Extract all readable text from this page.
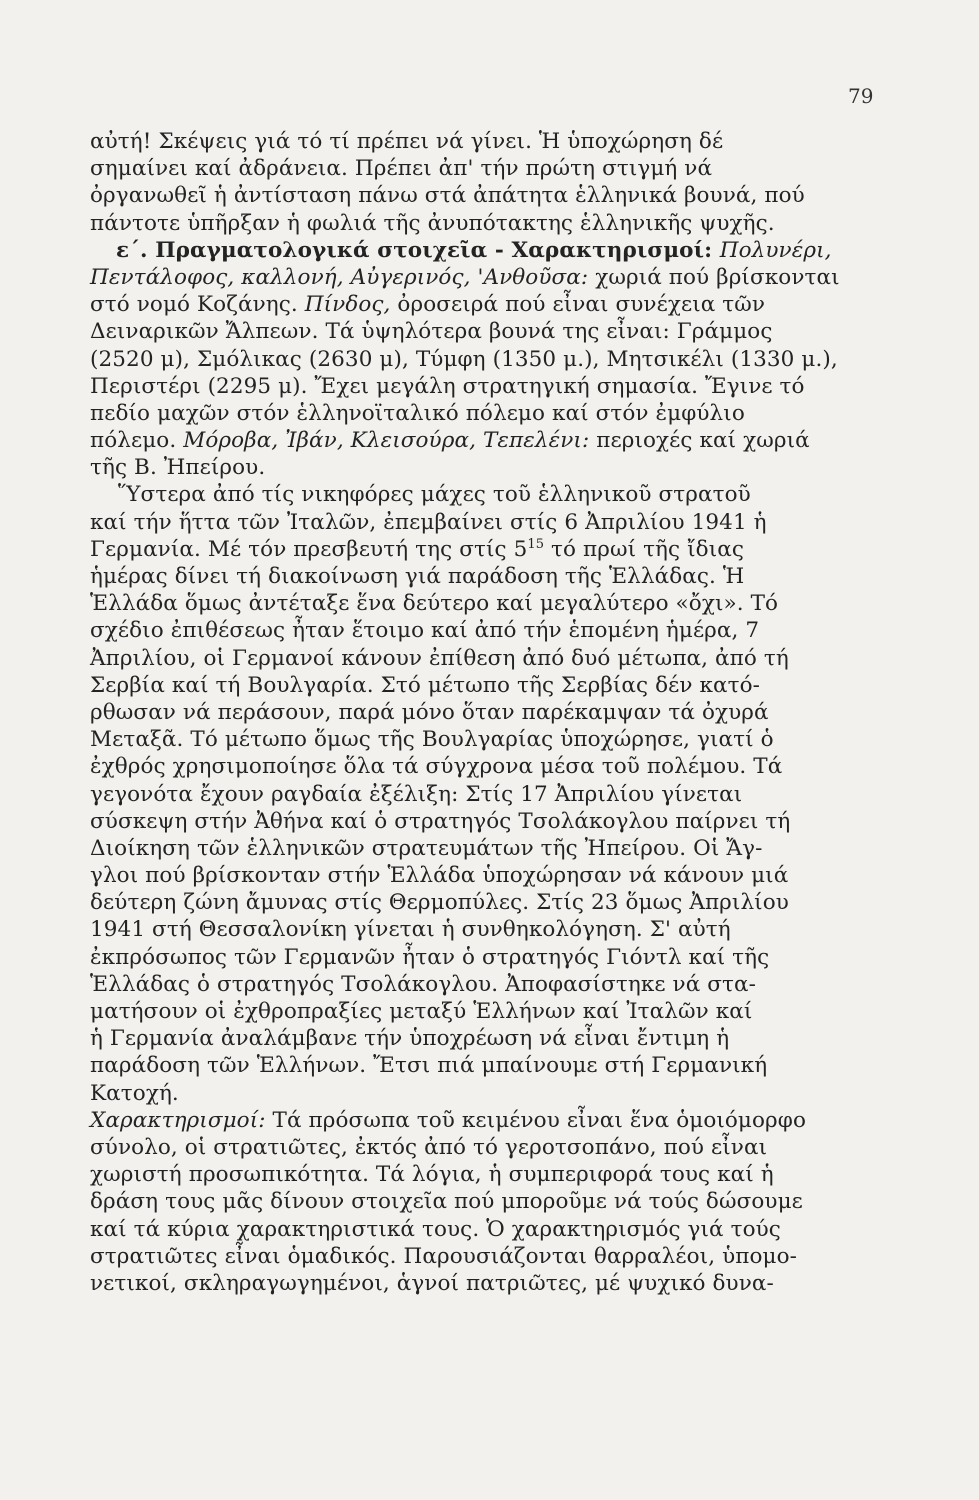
79
αὐτή! Σκέψεις γιά τό τί πρέπει νά γίνει. Ἡ ὑποχώρηση δέ
σημαίνει καί ἀδράνεια. Πρέπει ἀπ' τήν πρώτη στιγμή νά
ὀργανωθεῖ ἡ ἀντίσταση πάνω στά ἀπάτητα ἑλληνικά βουνά, πού
πάντοτε ὑπῆρξαν ἡ φωλιά τῆς ἀνυπότακτης ἑλληνικῆς ψυχῆς.
ε΄. Πραγματολογικά στοιχεῖα - Χαρακτηρισμοί: Πολυνέρι,
Πεντάλοφος, καλλονή, Αὐγερινός, 'Ανθοῦσα: χωριά πού βρίσκονται
στό νομό Κοζάνης. Πίνδος, ὀροσειρά πού εἶναι συνέχεια τῶν
Δειναρικῶν Ἄλπεων. Τά ὑψηλότερα βουνά της εἶναι: Γράμμος
(2520 μ), Σμόλικας (2630 μ), Τύμφη (1350 μ.), Μητσικέλι (1330 μ.),
Περιστέρι (2295 μ). Ἔχει μεγάλη στρατηγική σημασία. Ἔγινε τό
πεδίο μαχῶν στόν ἑλληνοϊταλικό πόλεμο καί στόν ἐμφύλιο
πόλεμο. Μόροβα, Ἰβάν, Κλεισούρα, Τεπελένι: περιοχές καί χωριά
τῆς Β. Ἠπείρου.
Ὕστερα ἀπό τίς νικηφόρες μάχες τοῦ ἑλληνικοῦ στρατοῦ
καί τήν ἥττα τῶν Ἰταλῶν, ἐπεμβαίνει στίς 6 Ἀπριλίου 1941 ἡ
Γερμανία. Μέ τόν πρεσβευτή της στίς $5^{15}$ τό πρωί τῆς ἴδιας
ἡμέρας δίνει τή διακοίνωση γιά παράδοση τῆς Ἑλλάδας. Ἡ
Ἑλλάδα ὅμως ἀντέταξε ἕνα δεύτερο καί μεγαλύτερο «ὄχι». Τό
σχέδιο ἐπιθέσεως ἦταν ἕτοιμο καί ἀπό τήν ἑπομένη ἡμέρα, 7
Ἀπριλίου, οἱ Γερμανοί κάνουν ἐπίθεση ἀπό δυό μέτωπα, ἀπό τή
Σερβία καί τή Βουλγαρία. Στό μέτωπο τῆς Σερβίας δέν κατό-
ρθωσαν νά περάσουν, παρά μόνο ὅταν παρέκαμψαν τά ὀχυρά
Μεταξᾶ. Τό μέτωπο ὅμως τῆς Βουλγαρίας ὑποχώρησε, γιατί ὁ
ἐχθρός χρησιμοποίησε ὅλα τά σύγχρονα μέσα τοῦ πολέμου. Τά
γεγονότα ἔχουν ραγδαία ἐξέλιξη: Στίς 17 Ἀπριλίου γίνεται
σύσκεψη στήν Ἀθήνα καί ὁ στρατηγός Τσολάκογλου παίρνει τή
Διοίκηση τῶν ἑλληνικῶν στρατευμάτων τῆς Ἠπείρου. Οἱ Ἄγ-
γλοι πού βρίσκονταν στήν Ἑλλάδα ὑποχώρησαν νά κάνουν μιά
δεύτερη ζώνη ἄμυνας στίς Θερμοπύλες. Στίς 23 ὅμως Ἀπριλίου
1941 στή Θεσσαλονίκη γίνεται ἡ συνθηκολόγηση. Σ' αὐτή
ἐκπρόσωπος τῶν Γερμανῶν ἦταν ὁ στρατηγός Γιόντλ καί τῆς
Ἑλλάδας ὁ στρατηγός Τσολάκογλου. Ἀποφασίστηκε νά στα-
ματήσουν οἱ ἐχθροπραξίες μεταξύ Ἑλλήνων καί Ἰταλῶν καί
ἡ Γερμανία ἀναλάμβανε τήν ὑποχρέωση νά εἶναι ἔντιμη ἡ
παράδοση τῶν Ἑλλήνων. Ἔτσι πιά μπαίνουμε στή Γερμανική
Κατοχή.
Χαρακτηρισμοί: Τά πρόσωπα τοῦ κειμένου εἶναι ἕνα ὁμοιόμορφο
σύνολο, οἱ στρατιῶτες, ἐκτός ἀπό τό γεροτσοπάνο, πού εἶναι
χωριστή προσωπικότητα. Τά λόγια, ἡ συμπεριφορά τους καί ἡ
δράση τους μᾶς δίνουν στοιχεῖα πού μποροῦμε νά τούς δώσουμε
καί τά κύρια χαρακτηριστικά τους. Ὁ χαρακτηρισμός γιά τούς
στρατιῶτες εἶναι ὁμαδικός. Παρουσιάζονται θαρραλέοι, ὑπομο-
νετικοί, σκληραγωγημένοι, ἁγνοί πατριῶτες, μέ ψυχικό δυνα-
